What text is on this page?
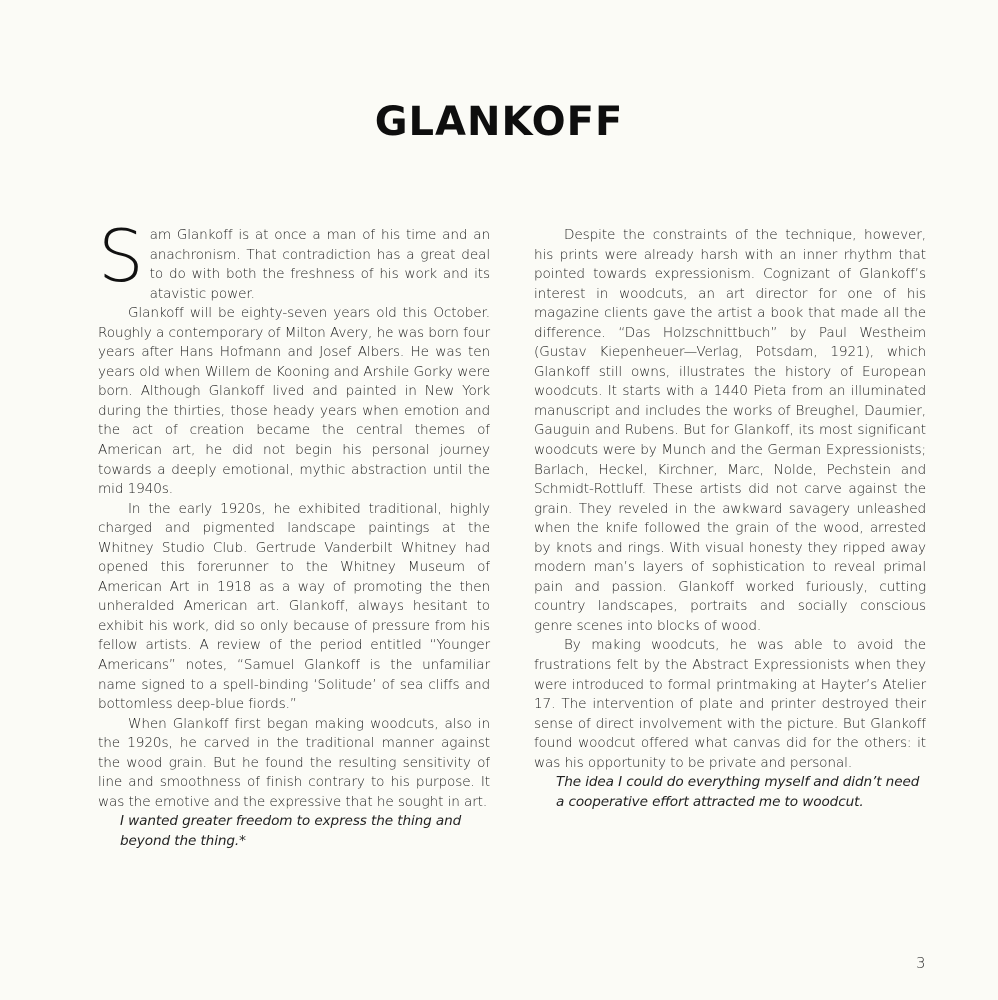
GLANKOFF

Sam Glankoff is at once a man of his time and an anachronism. That contradiction has a great deal to do with both the freshness of his work and its atavistic power.

Glankoff will be eighty-seven years old this October. Roughly a contemporary of Milton Avery, he was born four years after Hans Hofmann and Josef Albers. He was ten years old when Willem de Kooning and Arshile Gorky were born. Although Glankoff lived and painted in New York during the thirties, those heady years when emotion and the act of creation became the central themes of American art, he did not begin his personal journey towards a deeply emotional, mythic abstraction until the mid 1940s.

In the early 1920s, he exhibited traditional, highly charged and pigmented landscape paintings at the Whitney Studio Club. Gertrude Vanderbilt Whitney had opened this forerunner to the Whitney Museum of American Art in 1918 as a way of promoting the then unheralded American art. Glankoff, always hesitant to exhibit his work, did so only because of pressure from his fellow artists. A review of the period entitled “Younger Americans” notes, “Samuel Glankoff is the unfamiliar name signed to a spell-binding ‘Solitude’ of sea cliffs and bottomless deep-blue fiords.”

When Glankoff first began making woodcuts, also in the 1920s, he carved in the traditional manner against the wood grain. But he found the resulting sensitivity of line and smoothness of finish contrary to his purpose. It was the emotive and the expressive that he sought in art.

I wanted greater freedom to express the thing and beyond the thing.*

Despite the constraints of the technique, however, his prints were already harsh with an inner rhythm that pointed towards expressionism. Cognizant of Glankoff’s interest in woodcuts, an art director for one of his magazine clients gave the artist a book that made all the difference. “Das Holzschnittbuch” by Paul Westheim (Gustav Kiepenheuer—Verlag, Potsdam, 1921), which Glankoff still owns, illustrates the history of European woodcuts. It starts with a 1440 Pieta from an illuminated manuscript and includes the works of Breughel, Daumier, Gauguin and Rubens. But for Glankoff, its most significant woodcuts were by Munch and the German Expressionists; Barlach, Heckel, Kirchner, Marc, Nolde, Pechstein and Schmidt-Rottluff. These artists did not carve against the grain. They reveled in the awkward savagery unleashed when the knife followed the grain of the wood, arrested by knots and rings. With visual honesty they ripped away modern man’s layers of sophistication to reveal primal pain and passion. Glankoff worked furiously, cutting country landscapes, portraits and socially conscious genre scenes into blocks of wood.

By making woodcuts, he was able to avoid the frustrations felt by the Abstract Expressionists when they were introduced to formal printmaking at Hayter’s Atelier 17. The intervention of plate and printer destroyed their sense of direct involvement with the picture. But Glankoff found woodcut offered what canvas did for the others: it was his opportunity to be private and personal.

The idea I could do everything myself and didn’t need a cooperative effort attracted me to woodcut.

3
